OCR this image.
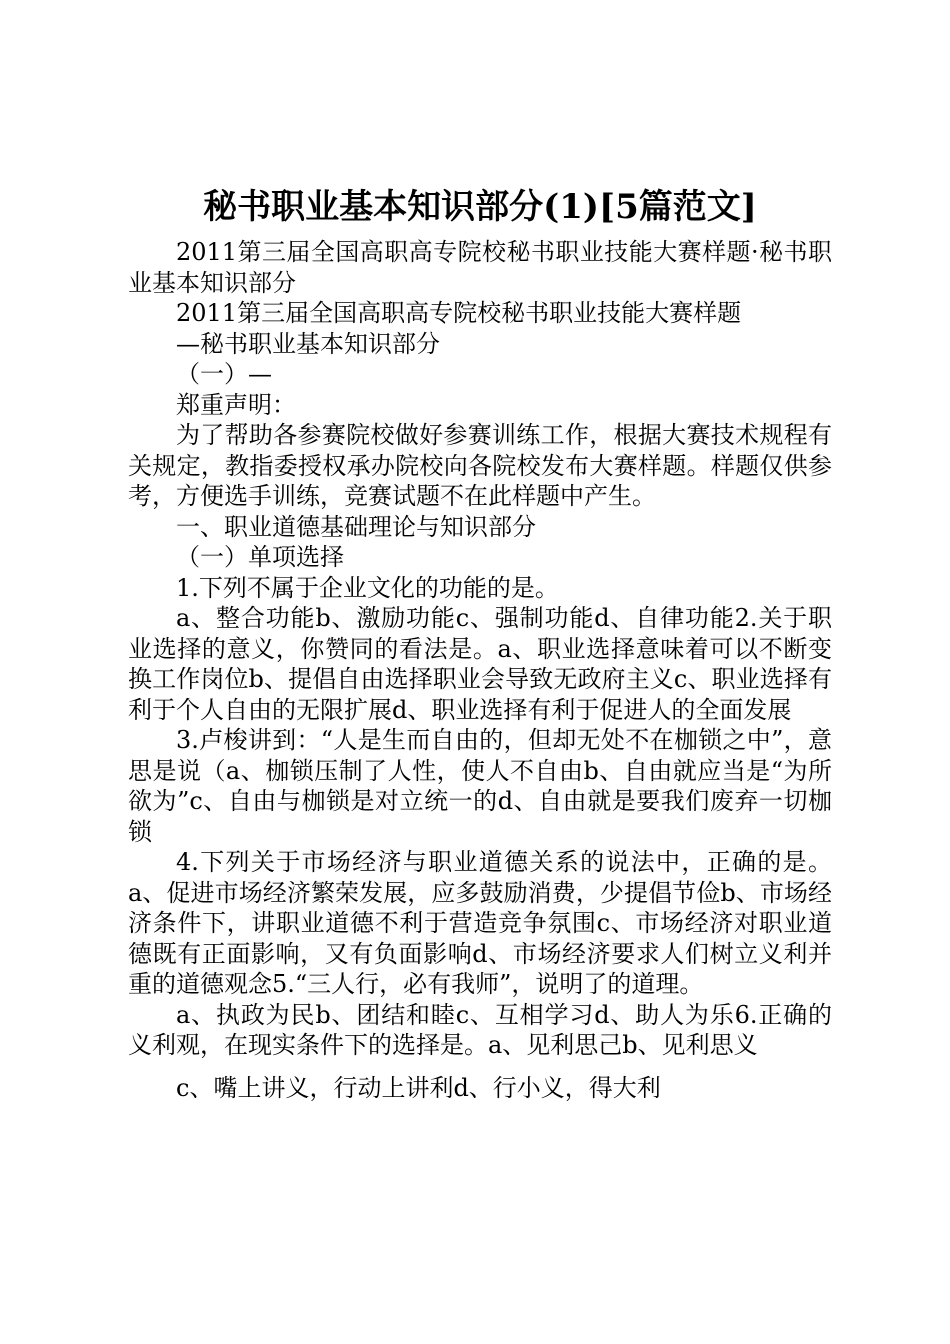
秘书职业基本知识部分(1)[5篇范文]

2011第三届全国高职高专院校秘书职业技能大赛样题·秘书职业基本知识部分

2011第三届全国高职高专院校秘书职业技能大赛样题

—秘书职业基本知识部分

（一）—

郑重声明：

为了帮助各参赛院校做好参赛训练工作，根据大赛技术规程有关规定，教指委授权承办院校向各院校发布大赛样题。样题仅供参考，方便选手训练，竞赛试题不在此样题中产生。

一、职业道德基础理论与知识部分

（一）单项选择

1.下列不属于企业文化的功能的是。

a、整合功能b、激励功能c、强制功能d、自律功能2.关于职业选择的意义，你赞同的看法是。a、职业选择意味着可以不断变换工作岗位b、提倡自由选择职业会导致无政府主义c、职业选择有利于个人自由的无限扩展d、职业选择有利于促进人的全面发展

3.卢梭讲到：“人是生而自由的，但却无处不在枷锁之中”，意思是说（a、枷锁压制了人性，使人不自由b、自由就应当是“为所欲为”c、自由与枷锁是对立统一的d、自由就是要我们废弃一切枷锁

4.下列关于市场经济与职业道德关系的说法中，正确的是。a、促进市场经济繁荣发展，应多鼓励消费，少提倡节俭b、市场经济条件下，讲职业道德不利于营造竞争氛围c、市场经济对职业道德既有正面影响，又有负面影响d、市场经济要求人们树立义利并重的道德观念5.“三人行，必有我师”，说明了的道理。

a、执政为民b、团结和睦c、互相学习d、助人为乐6.正确的义利观，在现实条件下的选择是。a、见利思己b、见利思义

c、嘴上讲义，行动上讲利d、行小义，得大利
